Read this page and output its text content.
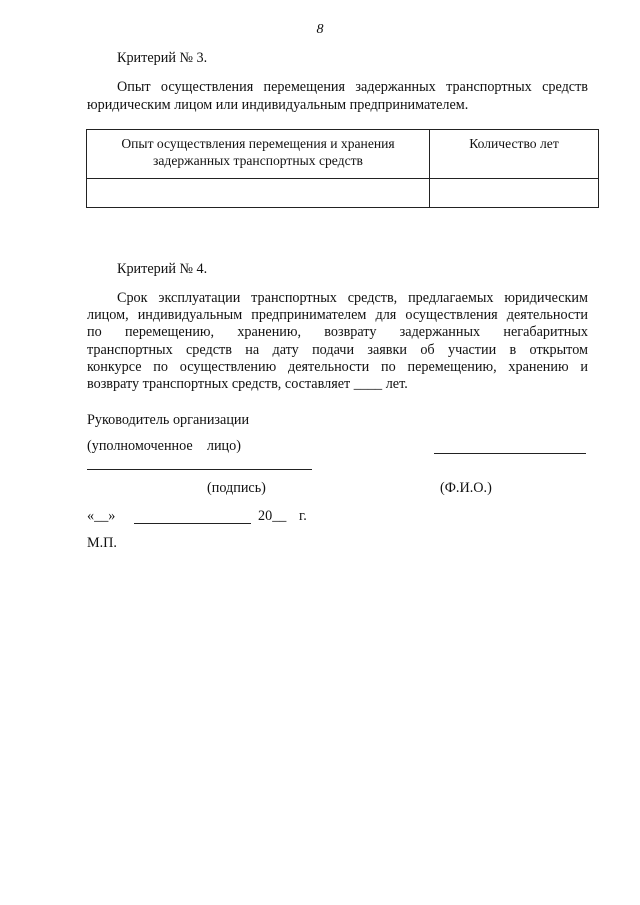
8
Критерий № 3.
Опыт осуществления перемещения задержанных транспортных средств
юридическим лицом или индивидуальным предпринимателем.
Опыт осуществления перемещения и хранения
задержанных транспортных средств	Количество лет

Критерий № 4.
Срок эксплуатации транспортных средств, предлагаемых юридическим
лицом, индивидуальным предпринимателем для осуществления деятельности
по перемещению, хранению, возврату задержанных негабаритных
транспортных средств на дату подачи заявки об участии в открытом
конкурсе по осуществлению деятельности по перемещению, хранению и
возврату транспортных средств, составляет ____ лет.
Руководитель организации
(уполномоченное    лицо)
(подпись)	(Ф.И.О.)
«__»	20__ г.
М.П.
